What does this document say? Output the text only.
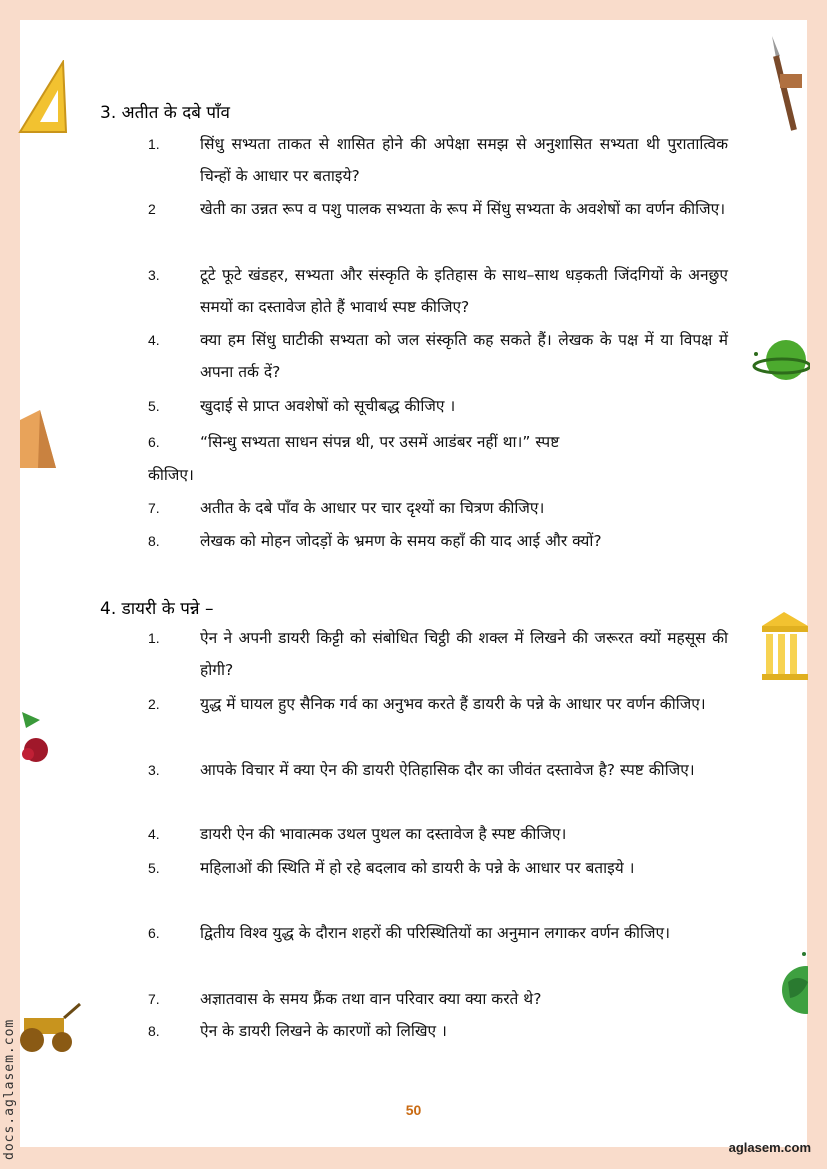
3. अतीत के दबे पाँव
1.	सिंधु सभ्यता ताकत से शासित होने की अपेक्षा समझ से अनुशासित सभ्यता थी पुरातात्विक चिन्हों के आधार पर बताइये?
2	खेती का उन्नत रूप व पशु पालक सभ्यता के रूप में सिंधु सभ्यता के अवशेषों का वर्णन कीजिए।
3.	टूटे फूटे खंडहर, सभ्यता और संस्कृति के इतिहास के साथ–साथ धड़कती जिंदगियों के अनछुए समयों का दस्तावेज होते हैं भावार्थ स्पष्ट कीजिए?
4.	क्या हम सिंधु घाटीकी सभ्यता को जल संस्कृति कह सकते हैं। लेखक के पक्ष में या विपक्ष में अपना तर्क दें?
5.	खुदाई से प्राप्त अवशेषों को सूचीबद्ध कीजिए ।
6.	“सिन्धु सभ्यता साधन संपन्न थी, पर उसमें आडंबर नहीं था।” स्पष्ट
कीजिए।
7.	अतीत के दबे पाँव के आधार पर चार दृश्यों का चित्रण कीजिए।
8.	लेखक को मोहन जोदड़ों के भ्रमण के समय कहाँ की याद आई और क्यों?
4. डायरी के पन्ने –
1.	ऐन ने अपनी डायरी किट्टी को संबोधित चिट्ठी की शक्ल में लिखने की जरूरत क्यों महसूस की होगी?
2.	युद्ध में घायल हुए सैनिक गर्व का अनुभव करते हैं डायरी के पन्ने के आधार पर वर्णन कीजिए।
3.	आपके विचार में क्या ऐन की डायरी ऐतिहासिक दौर का जीवंत दस्तावेज है? स्पष्ट कीजिए।
4.	डायरी ऐन की भावात्मक उथल पुथल का दस्तावेज है स्पष्ट कीजिए।
5.	महिलाओं की स्थिति में हो रहे बदलाव को डायरी के पन्ने के आधार पर बताइये ।
6.	द्वितीय विश्व युद्ध के दौरान शहरों की परिस्थितियों का अनुमान लगाकर वर्णन कीजिए।
7.	अज्ञातवास के समय फ्रैंक तथा वान परिवार क्या क्या करते थे?
8.	ऐन के डायरी लिखने के कारणों को लिखिए ।
50
docs.aglasem.com	aglasem.com
